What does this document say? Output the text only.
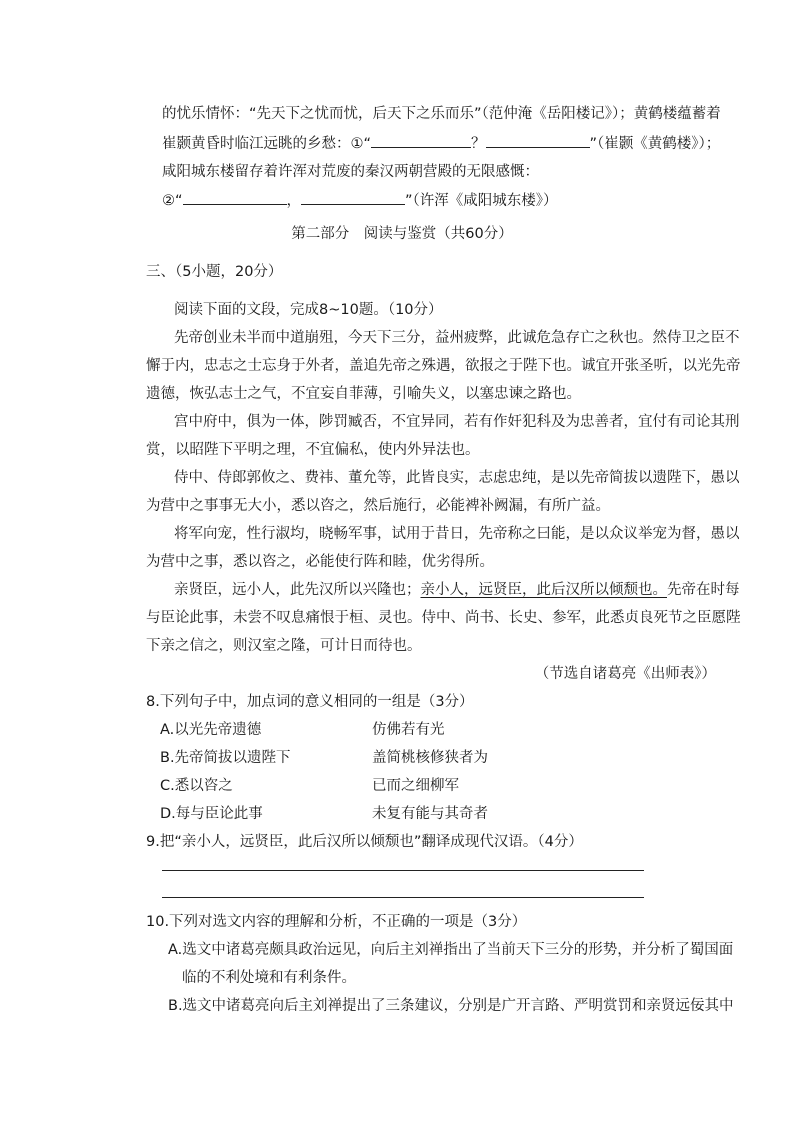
的忧乐情怀：“先天下之忧而忧，后天下之乐而乐”（范仲淹《岳阳楼记》）；黄鹤楼蕴蓄着
崔颢黄昏时临江远眺的乡愁：①“	？	”（崔颢《黄鹤楼》）；
咸阳城东楼留存着许浑对荒废的秦汉两朝营殿的无限感慨：
②“	，	”（许浑《咸阳城东楼》）
第二部分　阅读与鉴赏（共60分）
三、（5小题，20分）
阅读下面的文段，完成8~10题。（10分）
先帝创业未半而中道崩殂，今天下三分，益州疲弊，此诚危急存亡之秋也。然侍卫之臣不
懈于内，忠志之士忘身于外者，盖追先帝之殊遇，欲报之于陛下也。诚宜开张圣听，以光先帝
遗德，恢弘志士之气，不宜妄自菲薄，引喻失义，以塞忠谏之路也。
宫中府中，俱为一体，陟罚臧否，不宜异同，若有作奸犯科及为忠善者，宜付有司论其刑
赏，以昭陛下平明之理，不宜偏私，使内外异法也。
侍中、侍郎郭攸之、费祎、董允等，此皆良实，志虑忠纯，是以先帝简拔以遗陛下，愚以
为营中之事事无大小，悉以咨之，然后施行，必能裨补阙漏，有所广益。
将军向宠，性行淑均，晓畅军事，试用于昔日，先帝称之曰能，是以众议举宠为督，愚以
为营中之事，悉以咨之，必能使行阵和睦，优劣得所。
亲贤臣，远小人，此先汉所以兴隆也；亲小人，远贤臣，此后汉所以倾颓也。先帝在时每
与臣论此事，未尝不叹息痛恨于桓、灵也。侍中、尚书、长史、参军，此悉贞良死节之臣愿陛
下亲之信之，则汉室之隆，可计日而待也。
（节选自诸葛亮《出师表》）
8.下列句子中，加点词的意义相同的一组是（3分）
A.以光先帝遗德	仿佛若有光
B.先帝简拔以遗陛下	盖简桃核修狭者为
C.悉以咨之	已而之细柳军
D.每与臣论此事	未复有能与其奇者
9.把“亲小人，远贤臣，此后汉所以倾颓也”翻译成现代汉语。（4分）
10.下列对选文内容的理解和分析，不正确的一项是（3分）
A.选文中诸葛亮颇具政治远见，向后主刘禅指出了当前天下三分的形势，并分析了蜀国面
临的不利处境和有利条件。
B.选文中诸葛亮向后主刘禅提出了三条建议，分别是广开言路、严明赏罚和亲贤远佞其中
